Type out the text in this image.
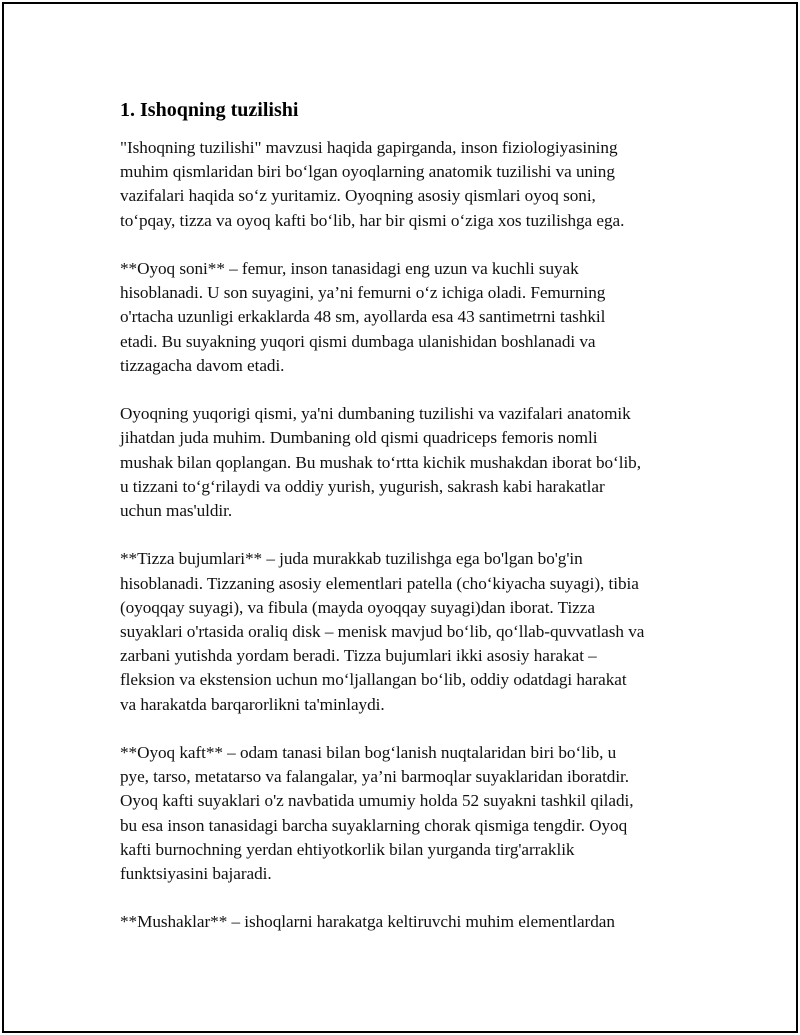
1. Ishoqning tuzilishi

"Ishoqning tuzilishi" mavzusi haqida gapirganda, inson fiziologiyasining
muhim qismlaridan biri bo‘lgan oyoqlarning anatomik tuzilishi va uning
vazifalari haqida so‘z yuritamiz. Oyoqning asosiy qismlari oyoq soni,
to‘pqay, tizza va oyoq kafti bo‘lib, har bir qismi o‘ziga xos tuzilishga ega.

**Oyoq soni** – femur, inson tanasidagi eng uzun va kuchli suyak
hisoblanadi. U son suyagini, ya’ni femurni o‘z ichiga oladi. Femurning
o'rtacha uzunligi erkaklarda 48 sm, ayollarda esa 43 santimetrni tashkil
etadi. Bu suyakning yuqori qismi dumbaga ulanishidan boshlanadi va
tizzagacha davom etadi.

Oyoqning yuqorigi qismi, ya'ni dumbaning tuzilishi va vazifalari anatomik
jihatdan juda muhim. Dumbaning old qismi quadriceps femoris nomli
mushak bilan qoplangan. Bu mushak to‘rtta kichik mushakdan iborat bo‘lib,
u tizzani to‘g‘rilaydi va oddiy yurish, yugurish, sakrash kabi harakatlar
uchun mas'uldir.

**Tizza bujumlari** – juda murakkab tuzilishga ega bo'lgan bo'g'in
hisoblanadi. Tizzaning asosiy elementlari patella (cho‘kiyacha suyagi), tibia
(oyoqqay suyagi), va fibula (mayda oyoqqay suyagi)dan iborat. Tizza
suyaklari o'rtasida oraliq disk – menisk mavjud bo‘lib, qo‘llab-quvvatlash va
zarbani yutishda yordam beradi. Tizza bujumlari ikki asosiy harakat –
fleksion va ekstension uchun mo‘ljallangan bo‘lib, oddiy odatdagi harakat
va harakatda barqarorlikni ta'minlaydi.

**Oyoq kaft** – odam tanasi bilan bog‘lanish nuqtalaridan biri bo‘lib, u
pye, tarso, metatarso va falangalar, ya’ni barmoqlar suyaklaridan iboratdir.
Oyoq kafti suyaklari o'z navbatida umumiy holda 52 suyakni tashkil qiladi,
bu esa inson tanasidagi barcha suyaklarning chorak qismiga tengdir. Oyoq
kafti burnochning yerdan ehtiyotkorlik bilan yurganda tirg'arraklik
funktsiyasini bajaradi.

**Mushaklar** – ishoqlarni harakatga keltiruvchi muhim elementlardan
